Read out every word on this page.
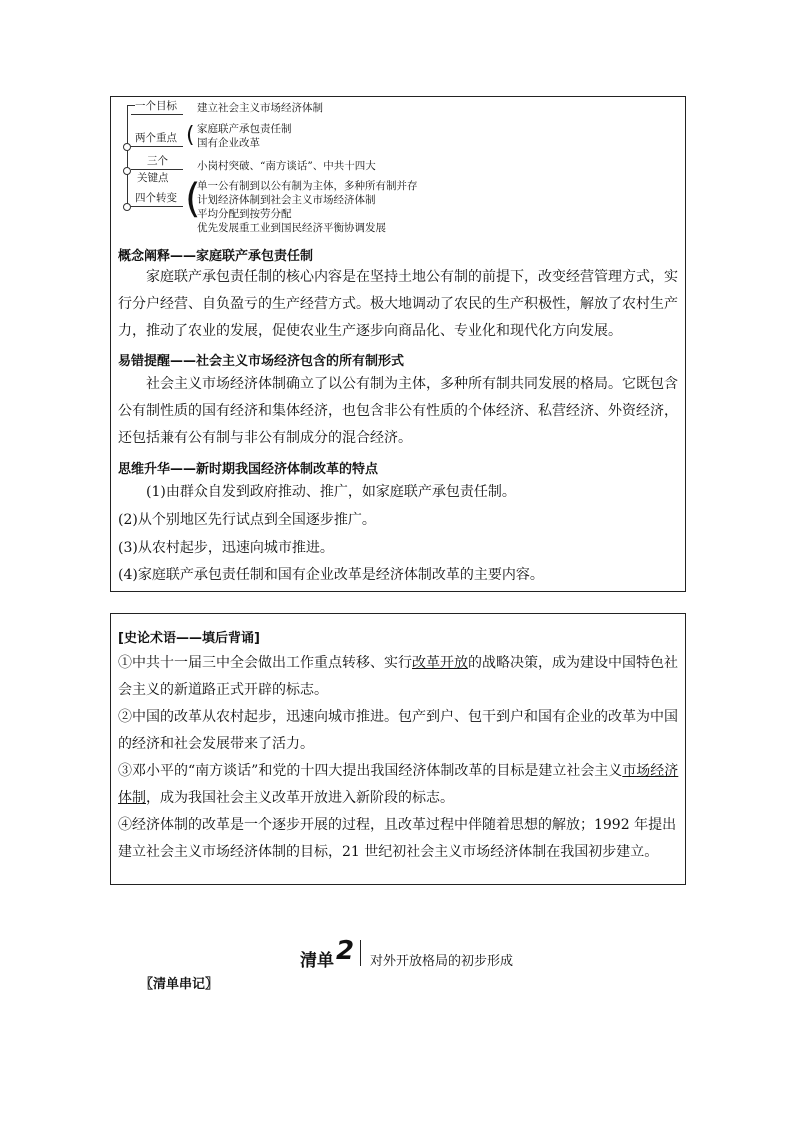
一个目标 建立社会主义市场经济体制
两个重点 ( 家庭联产承包责任制
国有企业改革
三个
关键点
小岗村突破、“南方谈话”、中共十四大
四个转变 (
单一公有制到以公有制为主体，多种所有制并存
计划经济体制到社会主义市场经济体制
平均分配到按劳分配
优先发展重工业到国民经济平衡协调发展
概念阐释——家庭联产承包责任制

家庭联产承包责任制的核心内容是在坚持土地公有制的前提下，改变经营管理方式，实行分户经营、自负盈亏的生产经营方式。极大地调动了农民的生产积极性，解放了农村生产力，推动了农业的发展，促使农业生产逐步向商品化、专业化和现代化方向发展。

易错提醒——社会主义市场经济包含的所有制形式

社会主义市场经济体制确立了以公有制为主体，多种所有制共同发展的格局。它既包含公有制性质的国有经济和集体经济，也包含非公有性质的个体经济、私营经济、外资经济，还包括兼有公有制与非公有制成分的混合经济。

思维升华——新时期我国经济体制改革的特点
(1)由群众自发到政府推动、推广，如家庭联产承包责任制。
(2)从个别地区先行试点到全国逐步推广。
(3)从农村起步，迅速向城市推进。
(4)家庭联产承包责任制和国有企业改革是经济体制改革的主要内容。
[史论术语——填后背诵]

①中共十一届三中全会做出工作重点转移、实行改革开放的战略决策，成为建设中国特色社会主义的新道路正式开辟的标志。

②中国的改革从农村起步，迅速向城市推进。包产到户、包干到户和国有企业的改革为中国的经济和社会发展带来了活力。

③邓小平的“南方谈话”和党的十四大提出我国经济体制改革的目标是建立社会主义市场经济体制，成为我国社会主义改革开放进入新阶段的标志。

④经济体制的改革是一个逐步开展的过程，且改革过程中伴随着思想的解放；1992 年提出建立社会主义市场经济体制的目标，21 世纪初社会主义市场经济体制在我国初步建立。

清单 2 对外开放格局的初步形成
〖清单串记〗
